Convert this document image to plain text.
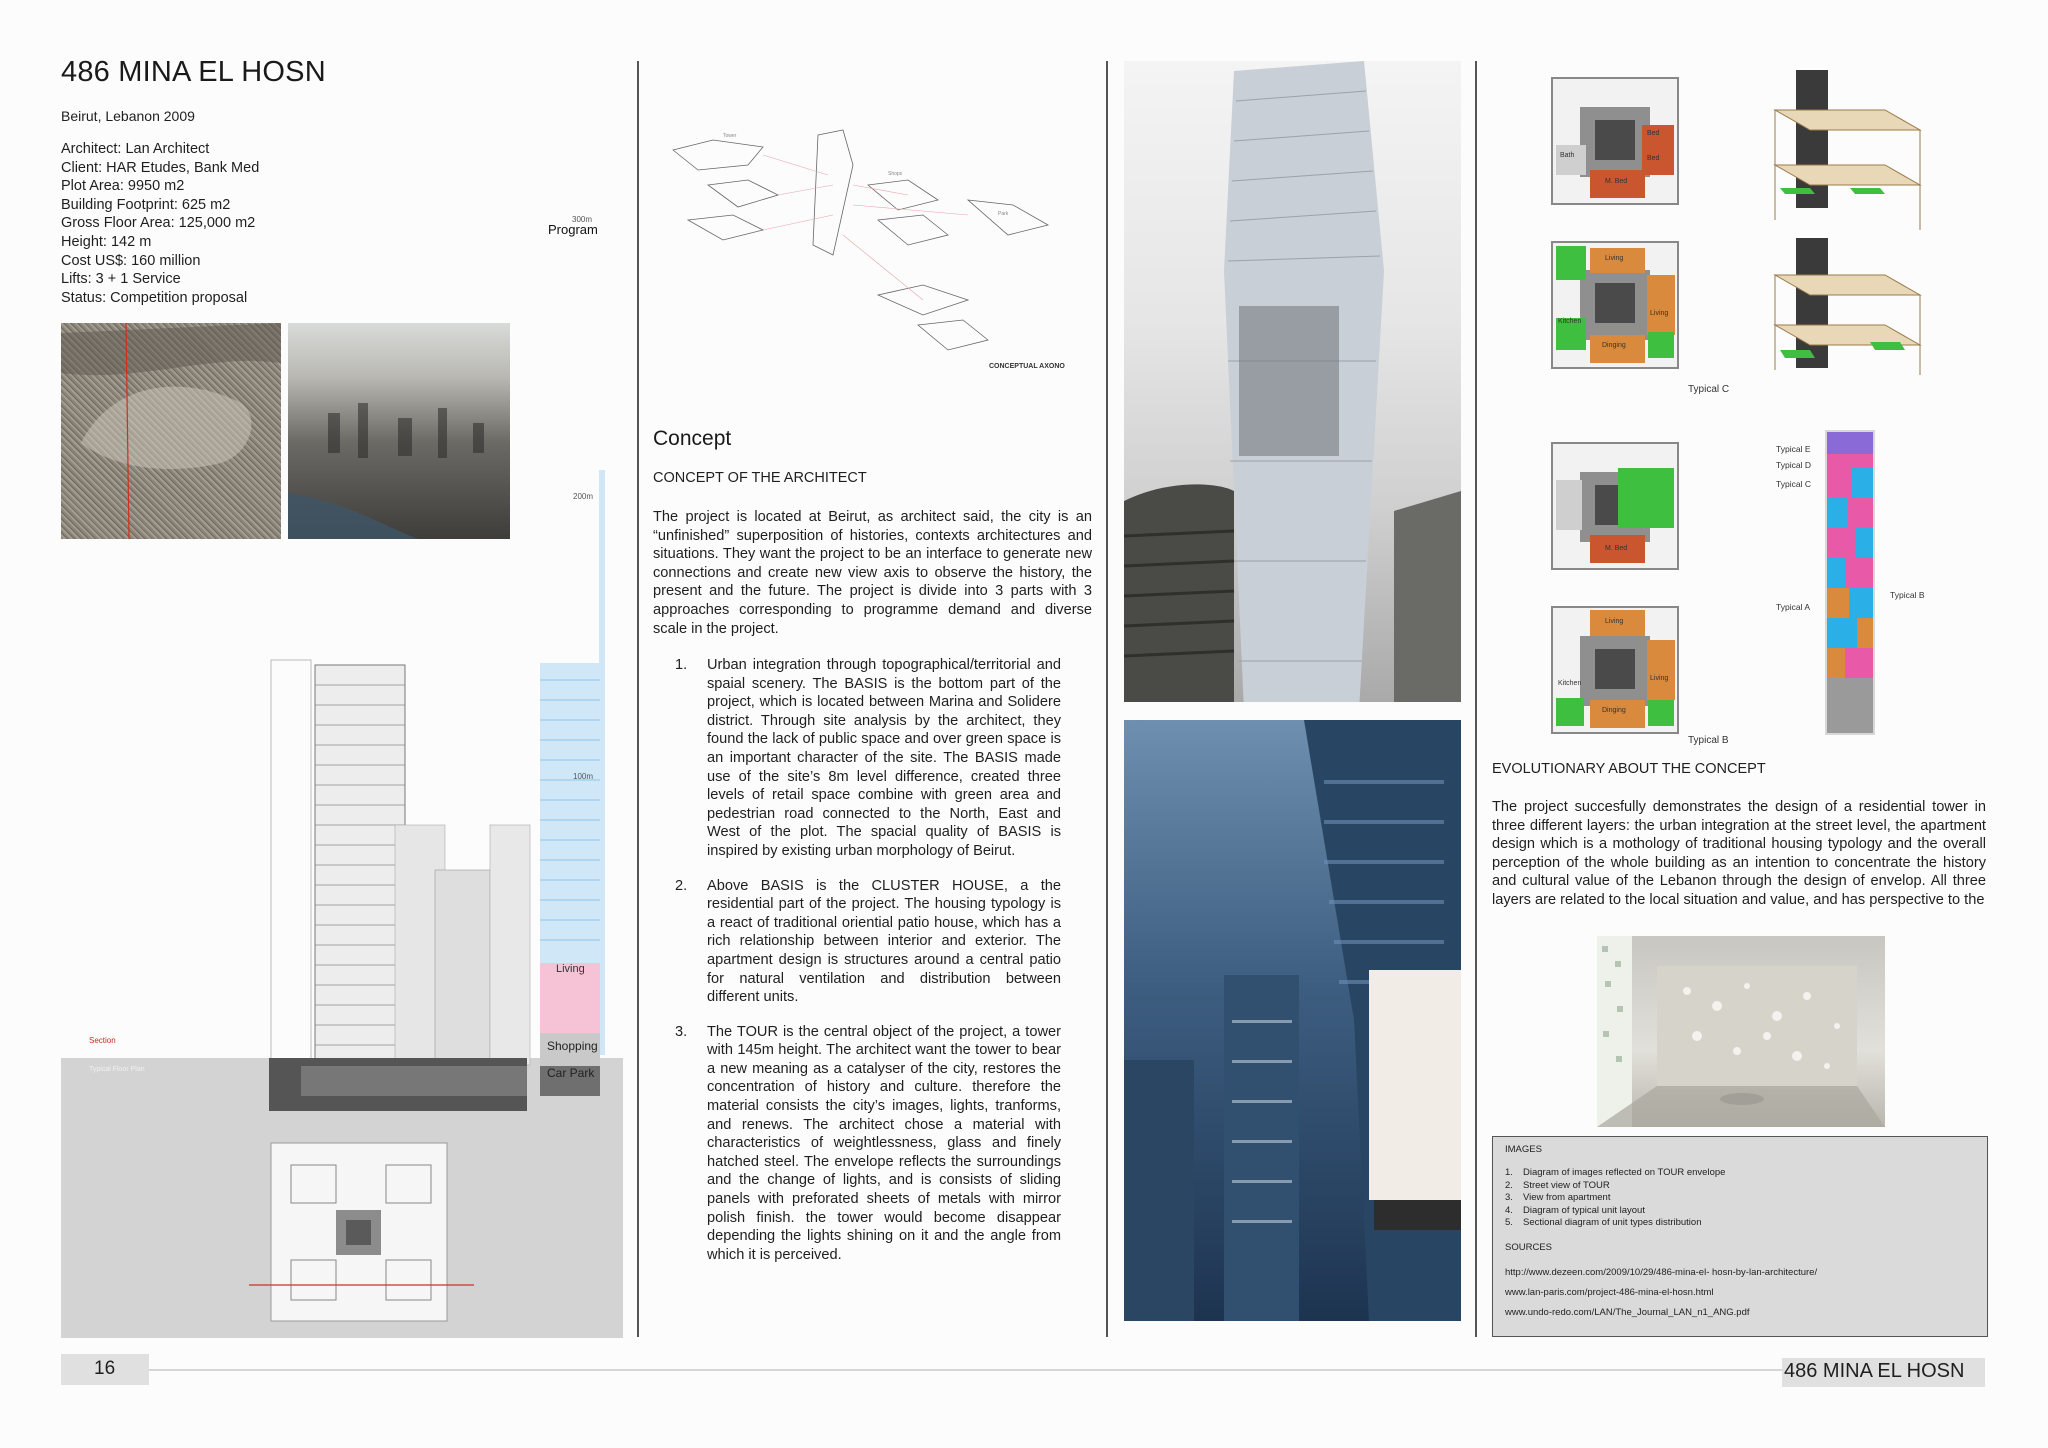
486 MINA EL HOSN
Beirut, Lebanon 2009
Architect: Lan Architect
Client: HAR Etudes, Bank Med
Plot Area: 9950 m2
Building Footprint: 625 m2
Gross Floor Area: 125,000 m2
Height: 142 m
Cost US$: 160 million
Lifts: 3 + 1 Service
Status: Competition proposal
Program
300m
200m
100m
Living
Shopping
Car Park
Section
Typical Floor Plan
Tower
Shops
Park
CONCEPTUAL AXONO
Concept
CONCEPT OF THE ARCHITECT
The project is located at Beirut, as architect said, the city is an “unfinished” superposition of histories, contexts architectures and situations. They want the project to be an interface to generate new connections and create new view axis to observe the history, the present and the future. The project is divide into 3 parts with 3 approaches corresponding to programme demand and diverse scale in the project.
1. Urban integration through topographical/territorial and spaial scenery. The BASIS is the bottom part of the project, which is located between Marina and Solidere district. Through site analysis by the architect, they found the lack of public space and over green space is an important character of the site. The BASIS made use of the site’s 8m level difference, created three levels of retail space combine with green area and pedestrian road connected to the North, East and West of the plot. The spacial quality of BASIS is inspired by existing urban morphology of Beirut.
2. Above BASIS is the CLUSTER HOUSE, a the residential part of the project. The housing typology is a react of traditional oriential patio house, which has a rich relationship between interior and exterior. The apartment design is structures around a central patio for natural ventilation and distribution between different units.
3. The TOUR is the central object of the project, a tower with 145m height. The architect want the tower to bear a new meaning as a catalyser of the city, restores the concentration of history and culture. therefore the material consists the city’s images, lights, tranforms, and renews. The architect chose a material with characteristics of weightlessness, glass and finely hatched steel. The envelope reflects the surroundings and the change of lights, and is consists of sliding panels with preforated sheets of metals with mirror polish finish. the tower would become disappear depending the lights shining on it and the angle from which it is perceived.
Bath
Bed
Bed
M. Bed
Living
Kitchen
Dinging
Living
M. Bed
Living
Kitchen
Living
Dinging
Typical C
Typical B
Typical E
Typical D
Typical C
Typical A
Typical B
EVOLUTIONARY ABOUT THE CONCEPT
The project succesfully demonstrates the design of a residential tower in three different layers: the urban integration at the street level, the apartment design which is a mothology of traditional housing typology and the overall perception of the whole building as an intention to concentrate the history and cultural value of the Lebanon through the design of envelop. All three layers are related to the local situation and value, and has perspective to the
IMAGES
1. Diagram of images reflected on TOUR envelope
2. Street view of TOUR
3. View from apartment
4. Diagram of typical unit layout
5. Sectional diagram of unit types distribution
SOURCES
http://www.dezeen.com/2009/10/29/486-mina-el- hosn-by-lan-architecture/
www.lan-paris.com/project-486-mina-el-hosn.html
www.undo-redo.com/LAN/The_Journal_LAN_n1_ANG.pdf
16	486 MINA EL HOSN
